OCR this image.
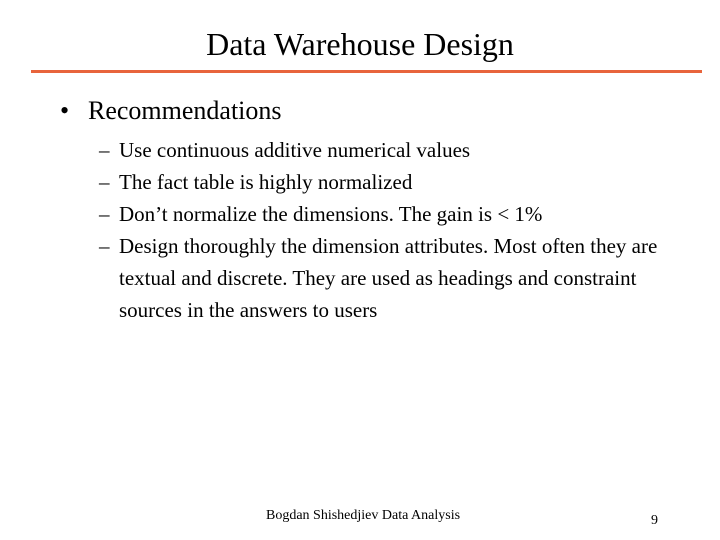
Data Warehouse Design
• Recommendations
– Use continuous additive numerical values
– The fact table is highly normalized
– Don’t normalize the dimensions. The gain is < 1%
– Design thoroughly the dimension attributes. Most often they are textual and discrete. They are used as headings and constraint sources in the answers to users
Bogdan Shishedjiev Data Analysis	9
